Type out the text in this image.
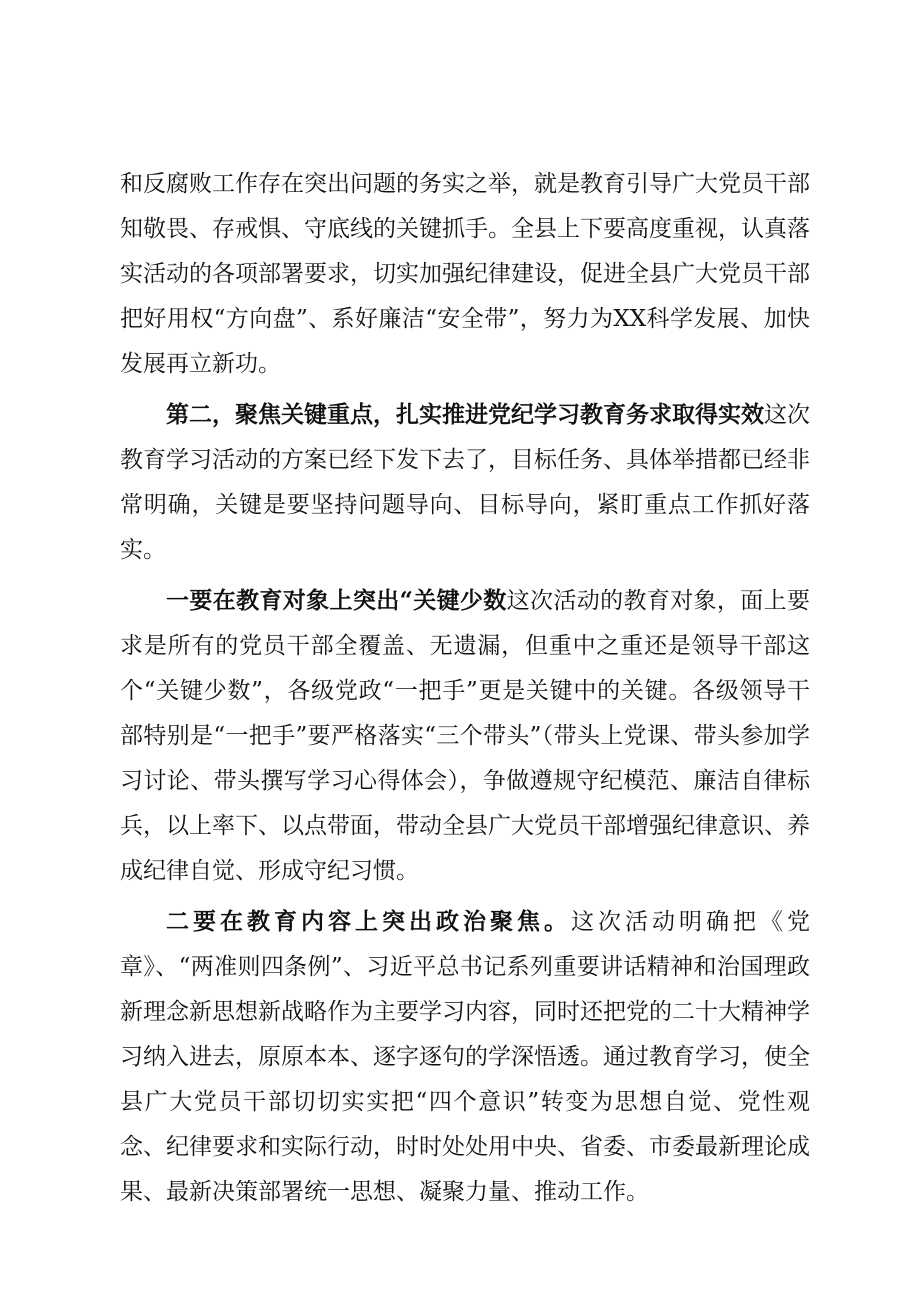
和反腐败工作存在突出问题的务实之举，就是教育引导广大党员干部知敬畏、存戒惧、守底线的关键抓手。全县上下要高度重视，认真落实活动的各项部署要求，切实加强纪律建设，促进全县广大党员干部把好用权“方向盘”、系好廉洁“安全带”，努力为XX科学发展、加快发展再立新功。

第二，聚焦关键重点，扎实推进党纪学习教育务求取得实效这次教育学习活动的方案已经下发下去了，目标任务、具体举措都已经非常明确，关键是要坚持问题导向、目标导向，紧盯重点工作抓好落实。

一要在教育对象上突出“关键少数这次活动的教育对象，面上要求是所有的党员干部全覆盖、无遗漏，但重中之重还是领导干部这个“关键少数”，各级党政“一把手”更是关键中的关键。各级领导干部特别是“一把手”要严格落实“三个带头”（带头上党课、带头参加学习讨论、带头撰写学习心得体会），争做遵规守纪模范、廉洁自律标兵，以上率下、以点带面，带动全县广大党员干部增强纪律意识、养成纪律自觉、形成守纪习惯。

二要在教育内容上突出政治聚焦。这次活动明确把《党章》、“两准则四条例”、习近平总书记系列重要讲话精神和治国理政新理念新思想新战略作为主要学习内容，同时还把党的二十大精神学习纳入进去，原原本本、逐字逐句的学深悟透。通过教育学习，使全县广大党员干部切切实实把“四个意识”转变为思想自觉、党性观念、纪律要求和实际行动，时时处处用中央、省委、市委最新理论成果、最新决策部署统一思想、凝聚力量、推动工作。
